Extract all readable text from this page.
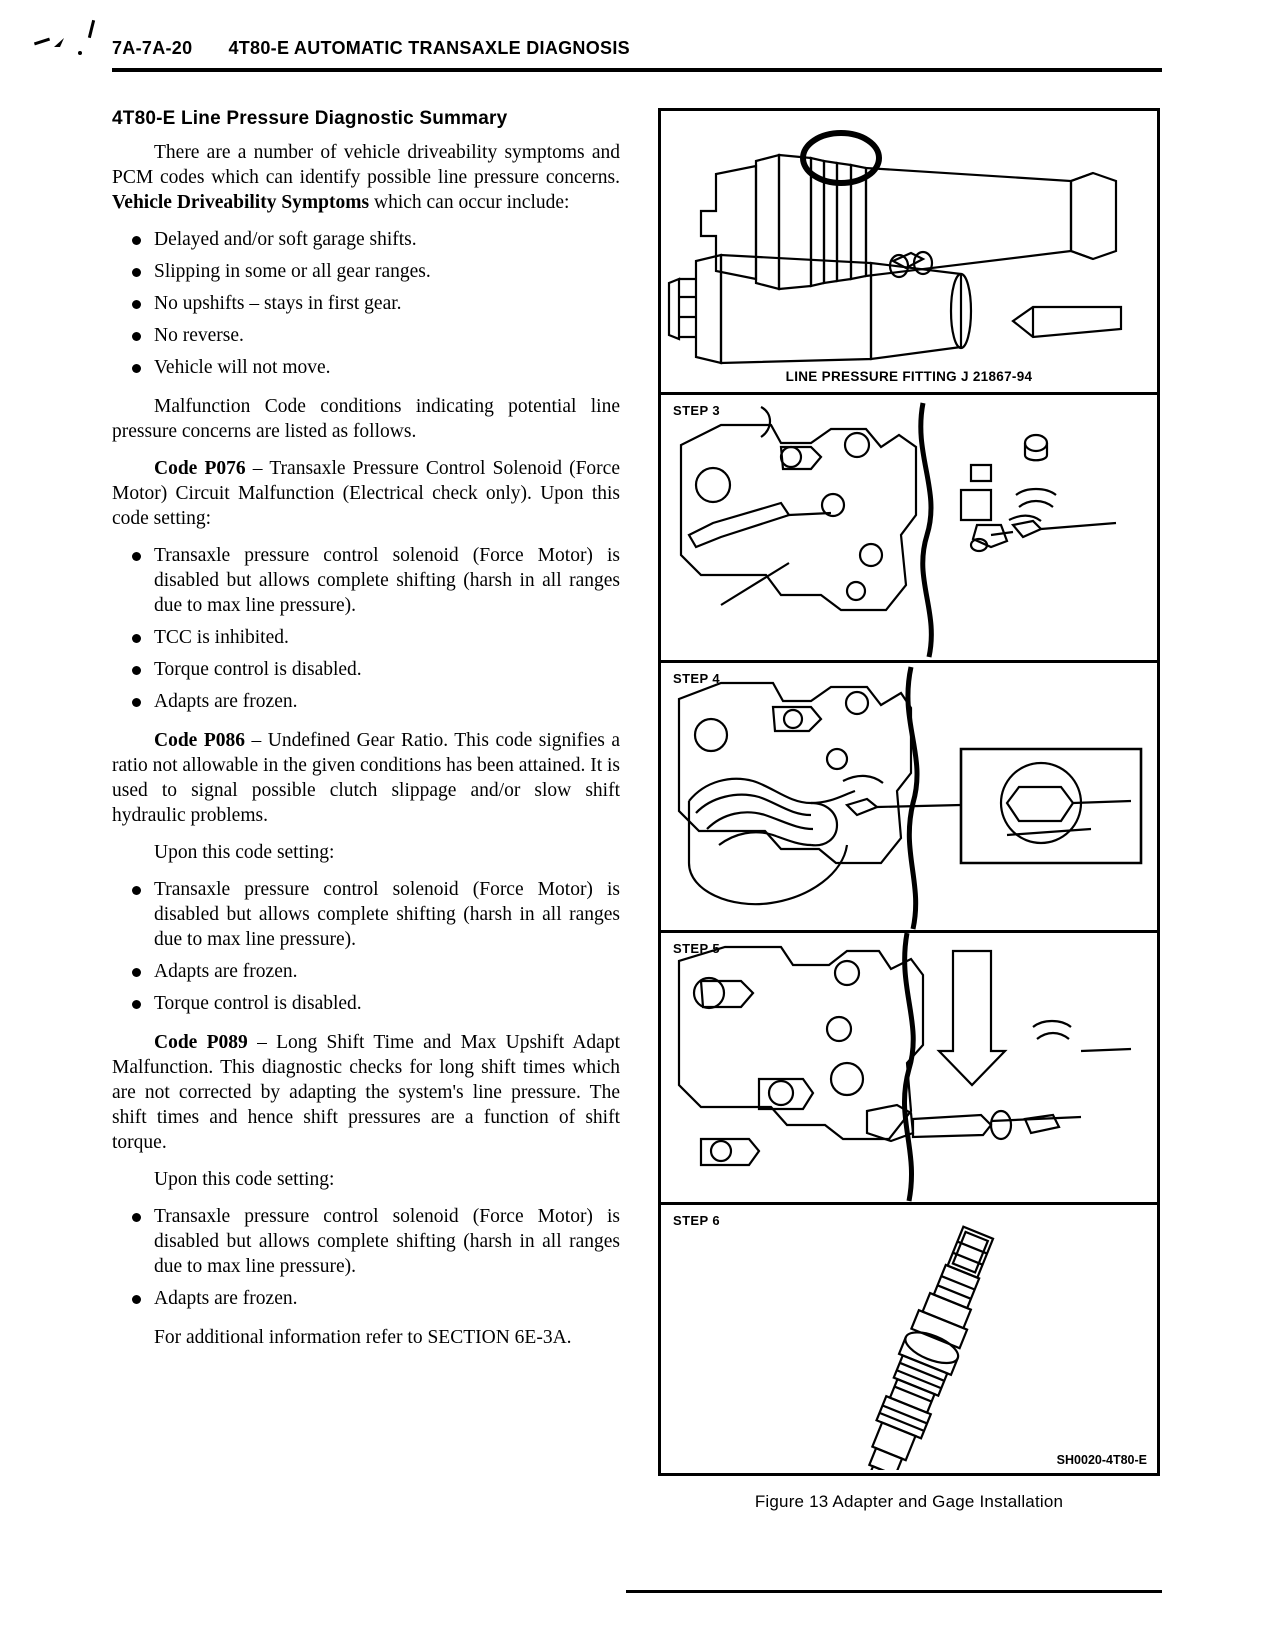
7A-7A-20 4T80-E AUTOMATIC TRANSAXLE DIAGNOSIS
4T80-E Line Pressure Diagnostic Summary

There are a number of vehicle driveability symptoms and PCM codes which can identify possible line pressure concerns. Vehicle Driveability Symptoms which can occur include:

Delayed and/or soft garage shifts.
Slipping in some or all gear ranges.
No upshifts – stays in first gear.
No reverse.
Vehicle will not move.

Malfunction Code conditions indicating potential line pressure concerns are listed as follows.

Code P076 – Transaxle Pressure Control Solenoid (Force Motor) Circuit Malfunction (Electrical check only). Upon this code setting:

Transaxle pressure control solenoid (Force Motor) is disabled but allows complete shifting (harsh in all ranges due to max line pressure).
TCC is inhibited.
Torque control is disabled.
Adapts are frozen.

Code P086 – Undefined Gear Ratio. This code signifies a ratio not allowable in the given conditions has been attained. It is used to signal possible clutch slippage and/or slow shift hydraulic problems.

Upon this code setting:

Transaxle pressure control solenoid (Force Motor) is disabled but allows complete shifting (harsh in all ranges due to max line pressure).
Adapts are frozen.
Torque control is disabled.

Code P089 – Long Shift Time and Max Upshift Adapt Malfunction. This diagnostic checks for long shift times which are not corrected by adapting the system's line pressure. The shift times and hence shift pressures are a function of shift torque.

Upon this code setting:

Transaxle pressure control solenoid (Force Motor) is disabled but allows complete shifting (harsh in all ranges due to max line pressure).
Adapts are frozen.

For additional information refer to SECTION 6E-3A.

LINE PRESSURE FITTING J 21867-94
STEP 3
STEP 4
STEP 5
STEP 6
SH0020-4T80-E
Figure 13 Adapter and Gage Installation
